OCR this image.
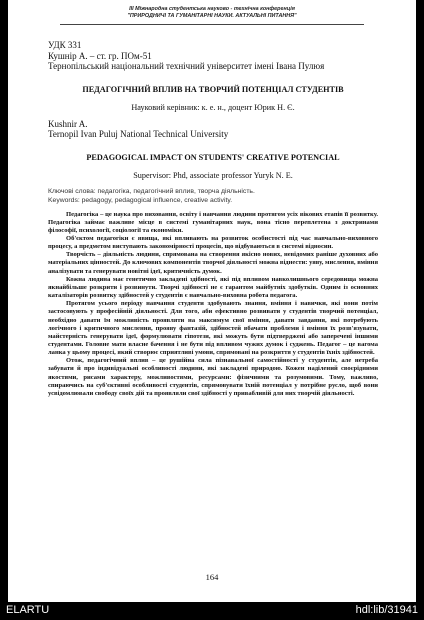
ІІІ Міжнародна студентська науково - технічна конференція
"ПРИРОДНИЧІ ТА ГУМАНІТАРНІ НАУКИ. АКТУАЛЬНІ ПИТАННЯ"
УДК 331
Кушнір А. – ст. гр. ПОм-51
Тернопільський національний технічний університет імені Івана Пулюя
ПЕДАГОГІЧНИЙ ВПЛИВ НА ТВОРЧИЙ ПОТЕНЦІАЛ СТУДЕНТІВ
Науковий керівник: к. е. н., доцент Юрик Н. Є.
Kushnir A.
Ternopil Ivan Puluj National Technical University
PEDAGOGICAL IMPACT ON STUDENTS' CREATIVE POTENCIAL
Supervisor: Phd, associate professor Yuryk N. E.
Ключові слова: педагогіка, педагогічний вплив, творча діяльність.
Keywords: pedagogy, pedagogical influence, creative activity.

Педагогіка – це наука про виховання, освіту і навчання людини протягом усіх вікових етапів її розвитку. Педагогіка займає важливе місце в системі гуманітарних наук, вона тісно переплетена з доктринами філософії, психології, соціології та економіки.

Об'єктом педагогіки є явища, які впливають на розвиток особистості під час навчально-виховного процесу, а предметом виступають закономірності процесів, що відбуваються в системі відносин.

Творчість – діяльність людини, спрямована на створення якісно нових, невідомих раніше духовних або матеріальних цінностей. До ключових компонентів творчої діяльності можна віднести: уяву, мислення, вміння аналізувати та генерувати новітні ідеї, критичність думок.

Кожна людина має генетично закладені здібності, які під впливом навколишнього середовища можна якнайбільше розкрити і розвинути. Творчі здібності не є гарантом майбутніх здобутків. Одним із основних каталізаторів розвитку здібностей у студентів є навчально-виховна робота педагога.

Протягом усього періоду навчання студенти здобувають знання, вміння і навички, які вони потім застосовують у професійній діяльності. Для того, аби ефективно розвивати у студентів творчий потенціал, необхідно давати їм можливість проявляти на максимум свої вміння, давати завдання, які потребують логічного і критичного мислення, прояву фантазій, здібностей вбачати проблеми і вміння їх розв'язувати, майстерність генерувати ідеї, формулювати гіпотези, які можуть бути підтверджені або заперечені іншими студентами. Головне мати власне бачення і не бути під впливом чужих думок і суджень. Педагог – це вагома ланка у цьому процесі, який створює сприятливі умови, спрямовані на розкриття у студентів їхніх здібностей.

Отож, педагогічний вплив – це рушійна сила пізнавальної самостійності у студентів, але нетреба забувати й про індивідуальні особливості людини, які закладені природою. Кожен наділений своєрідними якостями, рисами характеру, можливостями, ресурсами: фізичними та розумовими. Тому, важливо, спираючись на суб'єктивні особливості студентів, спрямовувати їхній потенціал у потрібне русло, щоб вони усвідомлювали свободу своїх дій та проявляли свої здібності у привабливій для них творчій діяльності.

164
ELARTU	hdl:lib/31941
